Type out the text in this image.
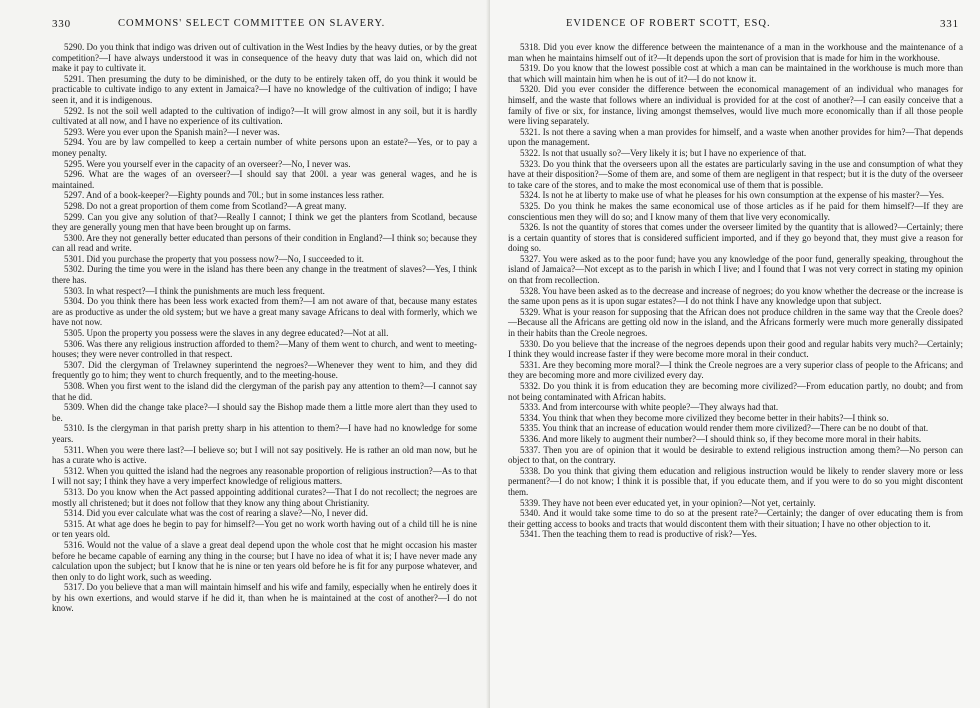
330	COMMONS' SELECT COMMITTEE ON SLAVERY.

5290. Do you think that indigo was driven out of cultivation in the West Indies by the heavy duties, or by the great competition?—I have always understood it was in consequence of the heavy duty that was laid on, which did not make it pay to cultivate it.

5291. Then presuming the duty to be diminished, or the duty to be entirely taken off, do you think it would be practicable to cultivate indigo to any extent in Jamaica?—I have no knowledge of the cultivation of indigo; I have seen it, and it is indigenous.

5292. Is not the soil well adapted to the cultivation of indigo?—It will grow almost in any soil, but it is hardly cultivated at all now, and I have no experience of its cultivation.

5293. Were you ever upon the Spanish main?—I never was.

5294. You are by law compelled to keep a certain number of white persons upon an estate?—Yes, or to pay a money penalty.

5295. Were you yourself ever in the capacity of an overseer?—No, I never was.

5296. What are the wages of an overseer?—I should say that 200l. a year was general wages, and he is maintained.

5297. And of a book-keeper?—Eighty pounds and 70l.; but in some instances less rather.

5298. Do not a great proportion of them come from Scotland?—A great many.

5299. Can you give any solution of that?—Really I cannot; I think we get the planters from Scotland, because they are generally young men that have been brought up on farms.

5300. Are they not generally better educated than persons of their condition in England?—I think so; because they can all read and write.

5301. Did you purchase the property that you possess now?—No, I succeeded to it.

5302. During the time you were in the island has there been any change in the treatment of slaves?—Yes, I think there has.

5303. In what respect?—I think the punishments are much less frequent.

5304. Do you think there has been less work exacted from them?—I am not aware of that, because many estates are as productive as under the old system; but we have a great many savage Africans to deal with formerly, which we have not now.

5305. Upon the property you possess were the slaves in any degree educated?—Not at all.

5306. Was there any religious instruction afforded to them?—Many of them went to church, and went to meeting-houses; they were never controlled in that respect.

5307. Did the clergyman of Trelawney superintend the negroes?—Whenever they went to him, and they did frequently go to him; they went to church frequently, and to the meeting-house.

5308. When you first went to the island did the clergyman of the parish pay any attention to them?—I cannot say that he did.

5309. When did the change take place?—I should say the Bishop made them a little more alert than they used to be.

5310. Is the clergyman in that parish pretty sharp in his attention to them?—I have had no knowledge for some years.

5311. When you were there last?—I believe so; but I will not say positively. He is rather an old man now, but he has a curate who is active.

5312. When you quitted the island had the negroes any reasonable proportion of religious instruction?—As to that I will not say; I think they have a very imperfect knowledge of religious matters.

5313. Do you know when the Act passed appointing additional curates?—That I do not recollect; the negroes are mostly all christened; but it does not follow that they know any thing about Christianity.

5314. Did you ever calculate what was the cost of rearing a slave?—No, I never did.

5315. At what age does he begin to pay for himself?—You get no work worth having out of a child till he is nine or ten years old.

5316. Would not the value of a slave a great deal depend upon the whole cost that he might occasion his master before he became capable of earning any thing in the course; but I have no idea of what it is; I have never made any calculation upon the subject; but I know that he is nine or ten years old before he is fit for any purpose whatever, and then only to do light work, such as weeding.

5317. Do you believe that a man will maintain himself and his wife and family, especially when he entirely does it by his own exertions, and would starve if he did it, than when he is maintained at the cost of another?—I do not know.

EVIDENCE OF ROBERT SCOTT, ESQ.	331

5318. Did you ever know the difference between the maintenance of a man in the workhouse and the maintenance of a man when he maintains himself out of it?—It depends upon the sort of provision that is made for him in the workhouse.

5319. Do you know that the lowest possible cost at which a man can be maintained in the workhouse is much more than that which will maintain him when he is out of it?—I do not know it.

5320. Did you ever consider the difference between the economical management of an individual who manages for himself, and the waste that follows where an individual is provided for at the cost of another?—I can easily conceive that a family of five or six, for instance, living amongst themselves, would live much more economically than if all those people were living separately.

5321. Is not there a saving when a man provides for himself, and a waste when another provides for him?—That depends upon the management.

5322. Is not that usually so?—Very likely it is; but I have no experience of that.

5323. Do you think that the overseers upon all the estates are particularly saving in the use and consumption of what they have at their disposition?—Some of them are, and some of them are negligent in that respect; but it is the duty of the overseer to take care of the stores, and to make the most economical use of them that is possible.

5324. Is not he at liberty to make use of what he pleases for his own consumption at the expense of his master?—Yes.

5325. Do you think he makes the same economical use of those articles as if he paid for them himself?—If they are conscientious men they will do so; and I know many of them that live very economically.

5326. Is not the quantity of stores that comes under the overseer limited by the quantity that is allowed?—Certainly; there is a certain quantity of stores that is considered sufficient imported, and if they go beyond that, they must give a reason for doing so.

5327. You were asked as to the poor fund; have you any knowledge of the poor fund, generally speaking, throughout the island of Jamaica?—Not except as to the parish in which I live; and I found that I was not very correct in stating my opinion on that from recollection.

5328. You have been asked as to the decrease and increase of negroes; do you know whether the decrease or the increase is the same upon pens as it is upon sugar estates?—I do not think I have any knowledge upon that subject.

5329. What is your reason for supposing that the African does not produce children in the same way that the Creole does?—Because all the Africans are getting old now in the island, and the Africans formerly were much more generally dissipated in their habits than the Creole negroes.

5330. Do you believe that the increase of the negroes depends upon their good and regular habits very much?—Certainly; I think they would increase faster if they were become more moral in their conduct.

5331. Are they becoming more moral?—I think the Creole negroes are a very superior class of people to the Africans; and they are becoming more and more civilized every day.

5332. Do you think it is from education they are becoming more civilized?—From education partly, no doubt; and from not being contaminated with African habits.

5333. And from intercourse with white people?—They always had that.

5334. You think that when they become more civilized they become better in their habits?—I think so.

5335. You think that an increase of education would render them more civilized?—There can be no doubt of that.

5336. And more likely to augment their number?—I should think so, if they become more moral in their habits.

5337. Then you are of opinion that it would be desirable to extend religious instruction among them?—No person can object to that, on the contrary.

5338. Do you think that giving them education and religious instruction would be likely to render slavery more or less permanent?—I do not know; I think it is possible that, if you educate them, and if you were to do so you might discontent them.

5339. They have not been ever educated yet, in your opinion?—Not yet, certainly.

5340. And it would take some time to do so at the present rate?—Certainly; the danger of over educating them is from their getting access to books and tracts that would discontent them with their situation; I have no other objection to it.

5341. Then the teaching them to read is productive of risk?—Yes.
